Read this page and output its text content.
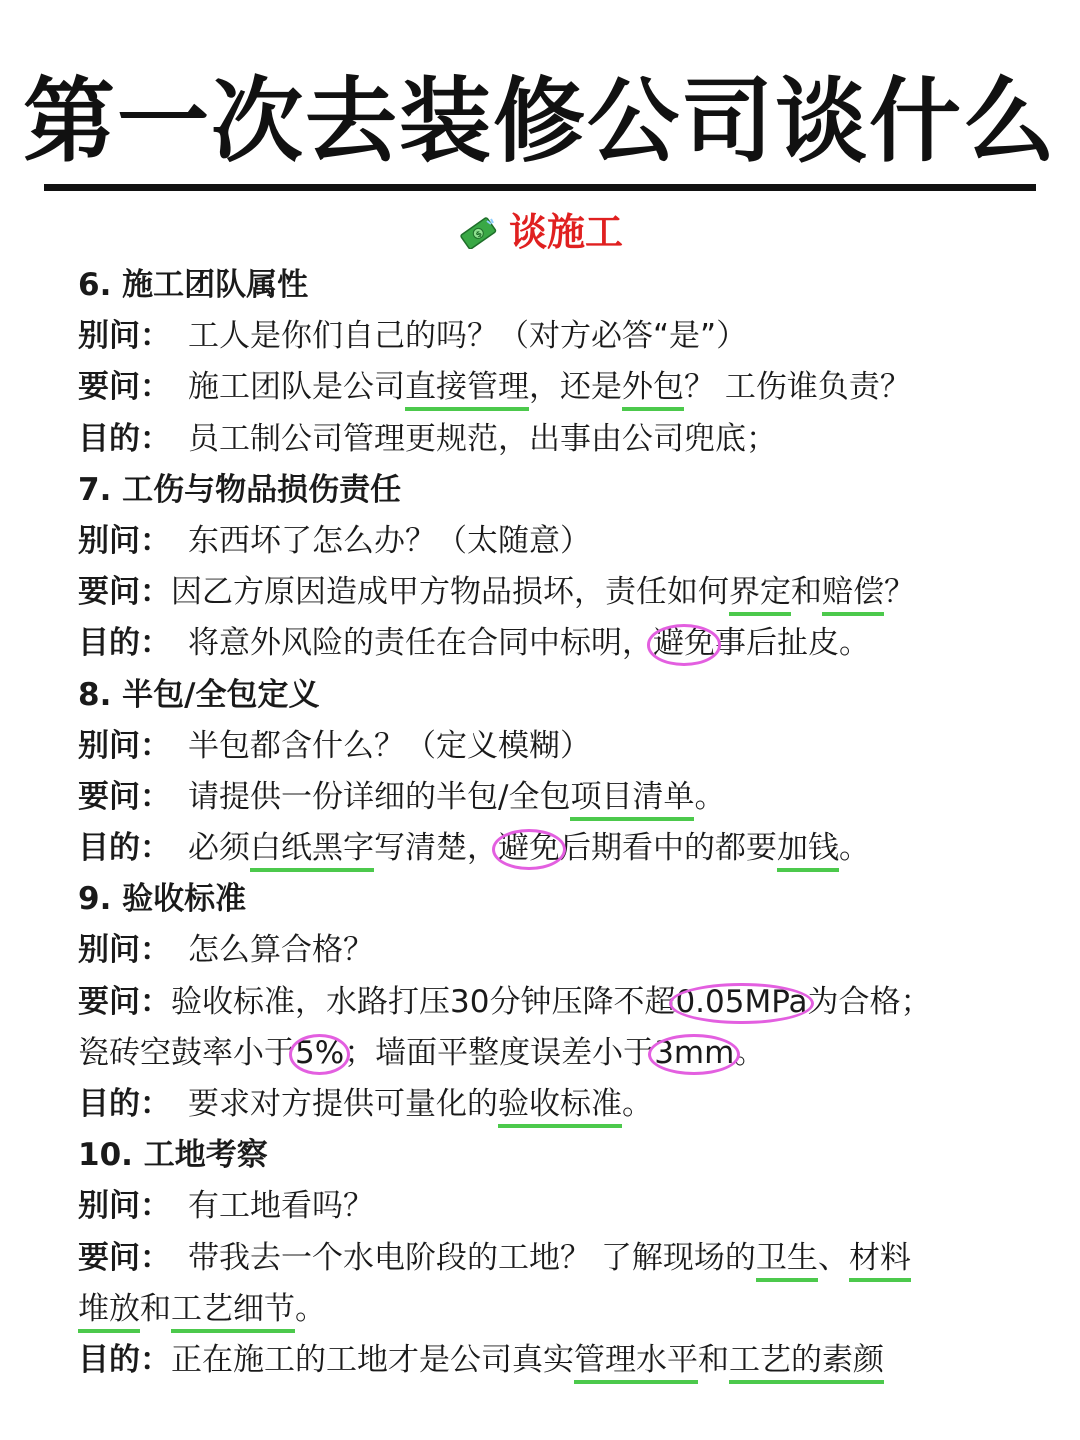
第一次去装修公司谈什么
$ 谈施工
6. 施工团队属性
别问： 工人是你们自己的吗？（对方必答“是”）
要问： 施工团队是公司直接管理，还是外包？ 工伤谁负责？
目的： 员工制公司管理更规范，出事由公司兜底；
7. 工伤与物品损伤责任
别问： 东西坏了怎么办？（太随意）
要问：因乙方原因造成甲方物品损坏，责任如何界定和赔偿？
目的： 将意外风险的责任在合同中标明，避免事后扯皮。
8. 半包/全包定义
别问： 半包都含什么？（定义模糊）
要问： 请提供一份详细的半包/全包项目清单。
目的： 必须白纸黑字写清楚，避免后期看中的都要加钱。
9. 验收标准
别问： 怎么算合格？
要问：验收标准，水路打压30分钟压降不超0.05MPa为合格；
瓷砖空鼓率小于5%；墙面平整度误差小于3mm。
目的： 要求对方提供可量化的验收标准。
10. 工地考察
别问： 有工地看吗？
要问： 带我去一个水电阶段的工地？ 了解现场的卫生、材料
堆放和工艺细节。
目的：正在施工的工地才是公司真实管理水平和工艺的素颜
